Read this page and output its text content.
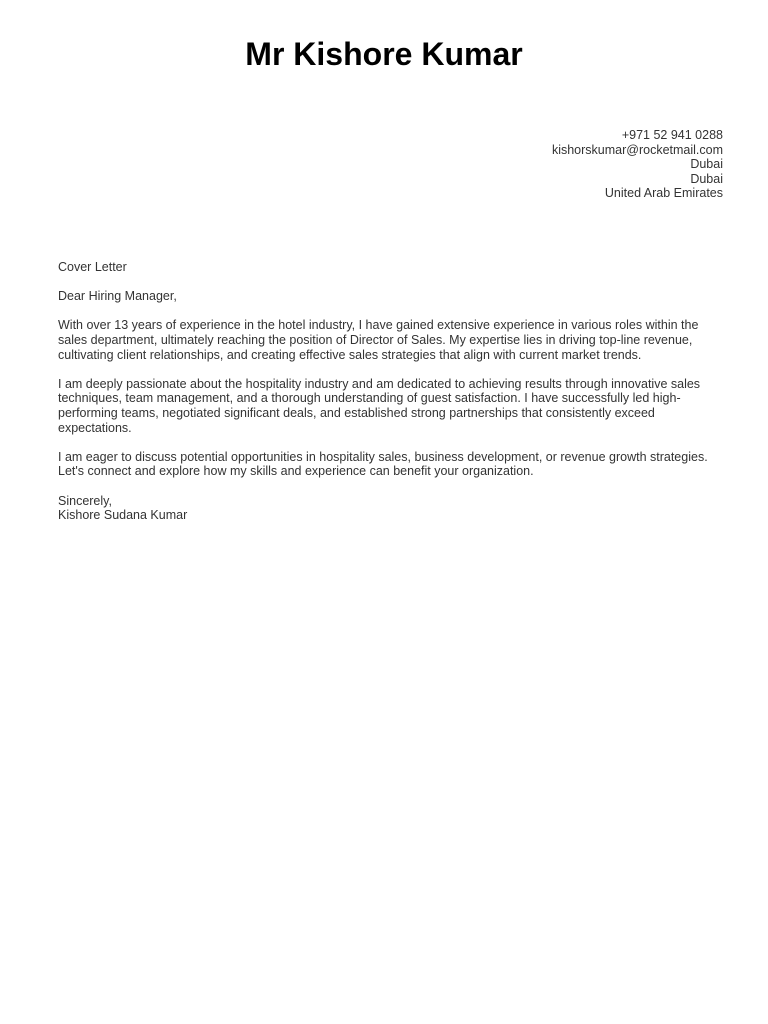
Mr Kishore Kumar
+971 52 941 0288
kishorskumar@rocketmail.com
Dubai
Dubai
United Arab Emirates

Cover Letter

Dear Hiring Manager,

With over 13 years of experience in the hotel industry, I have gained extensive experience in various roles within the sales department, ultimately reaching the position of Director of Sales. My expertise lies in driving top-line revenue, cultivating client relationships, and creating effective sales strategies that align with current market trends.

I am deeply passionate about the hospitality industry and am dedicated to achieving results through innovative sales techniques, team management, and a thorough understanding of guest satisfaction. I have successfully led high-performing teams, negotiated significant deals, and established strong partnerships that consistently exceed expectations.

I am eager to discuss potential opportunities in hospitality sales, business development, or revenue growth strategies. Let's connect and explore how my skills and experience can benefit your organization.

Sincerely,

Kishore Sudana Kumar
